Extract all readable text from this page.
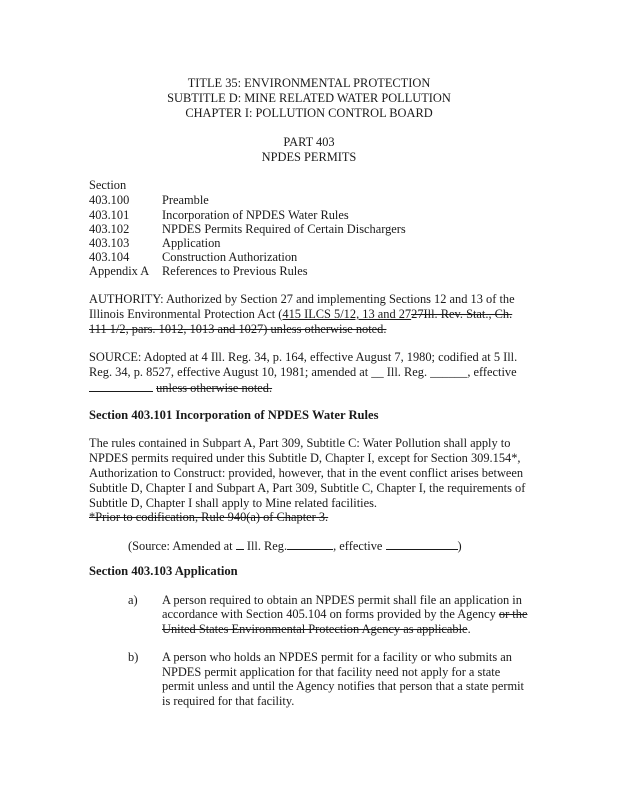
TITLE 35: ENVIRONMENTAL PROTECTION
SUBTITLE D: MINE RELATED WATER POLLUTION
CHAPTER I: POLLUTION CONTROL BOARD
PART 403
NPDES PERMITS
Section
403.100	Preamble
403.101	Incorporation of NPDES Water Rules
403.102	NPDES Permits Required of Certain Dischargers
403.103	Application
403.104	Construction Authorization
Appendix A References to Previous Rules
AUTHORITY: Authorized by Section 27 and implementing Sections 12 and 13 of the
Illinois Environmental Protection Act (415 ILCS 5/12, 13 and 2727Ill. Rev. Stat., Ch.
111 1/2, pars. 1012, 1013 and 1027) unless otherwise noted.
SOURCE: Adopted at 4 Ill. Reg. 34, p. 164, effective August 7, 1980; codified at 5 Ill.
Reg. 34, p. 8527, effective August 10, 1981; amended at __ Ill. Reg. ______, effective
unless otherwise noted.
Section 403.101 Incorporation of NPDES Water Rules
The rules contained in Subpart A, Part 309, Subtitle C: Water Pollution shall apply to
NPDES permits required under this Subtitle D, Chapter I, except for Section 309.154*,
Authorization to Construct: provided, however, that in the event conflict arises between
Subtitle D, Chapter I and Subpart A, Part 309, Subtitle C, Chapter I, the requirements of
Subtitle D, Chapter I shall apply to Mine related facilities.
*Prior to codification, Rule 940(a) of Chapter 3.
(Source: Amended at Ill. Reg.	, effective	)
Section 403.103 Application
a) A person required to obtain an NPDES permit shall file an application in
accordance with Section 405.104 on forms provided by the Agency or the
United States Environmental Protection Agency as applicable.
b) A person who holds an NPDES permit for a facility or who submits an
NPDES permit application for that facility need not apply for a state
permit unless and until the Agency notifies that person that a state permit
is required for that facility.
